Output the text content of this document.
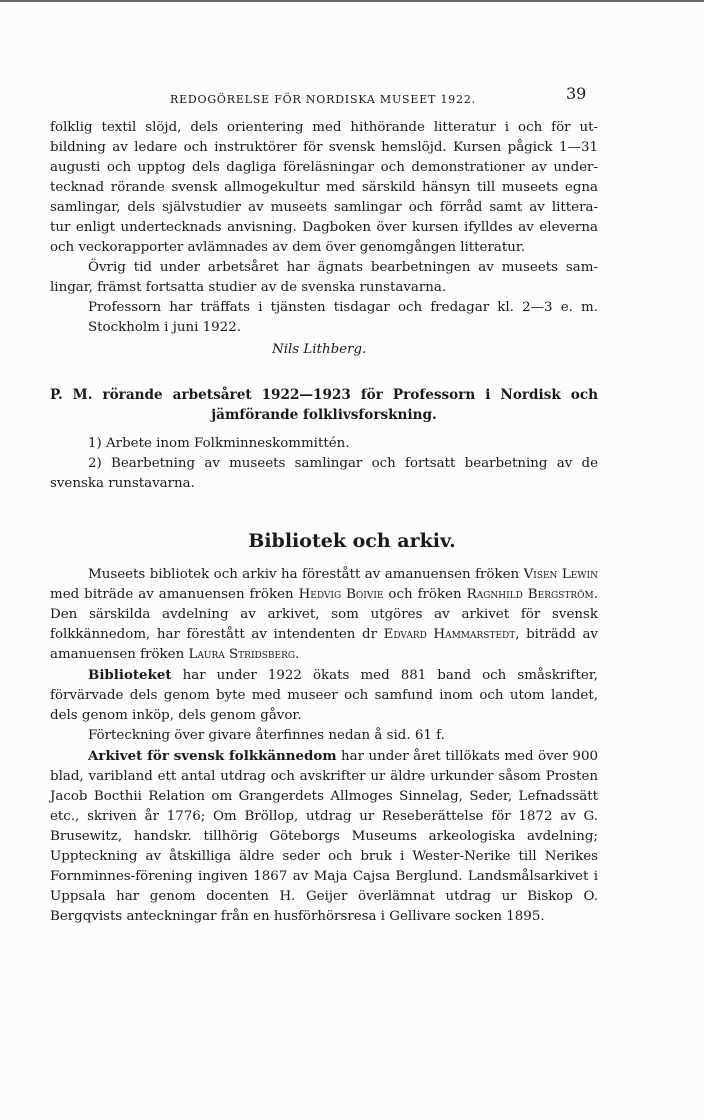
REDOGÖRELSE FÖR NORDISKA MUSEET 1922.	39

folklig textil slöjd, dels orientering med hithörande litteratur i och för ut-

bildning av ledare och instruktörer för svensk hemslöjd. Kursen pågick 1—31

augusti och upptog dels dagliga föreläsningar och demonstrationer av under-

tecknad rörande svensk allmogekultur med särskild hänsyn till museets egna

samlingar, dels självstudier av museets samlingar och förråd samt av littera-

tur enligt undertecknads anvisning. Dagboken över kursen ifylldes av eleverna

och veckorapporter avlämnades av dem över genomgången litteratur.

Övrig tid under arbetsåret har ägnats bearbetningen av museets sam-

lingar, främst fortsatta studier av de svenska runstavarna.

Professorn har träffats i tjänsten tisdagar och fredagar kl. 2—3 e. m.

Stockholm i juni 1922.

Nils Lithberg.
P. M. rörande arbetsåret 1922—1923 för Professorn i Nordisk och
jämförande folklivsforskning.

1) Arbete inom Folkminneskommittén.

2) Bearbetning av museets samlingar och fortsatt bearbetning av de

svenska runstavarna.

Bibliotek och arkiv.

Museets bibliotek och arkiv ha förestått av amanuensen fröken Visen Lewin med biträde av amanuensen fröken Hedvig Boivie och fröken Ragnhild Bergström. Den särskilda avdelning av arkivet, som utgöres av arkivet för svensk folkkännedom, har förestått av intendenten dr Edvard Hammarstedt, biträdd av amanuensen fröken Laura Stridsberg.

Biblioteket har under 1922 ökats med 881 band och småskrifter, förvärvade dels genom byte med museer och samfund inom och utom landet, dels genom inköp, dels genom gåvor.

Förteckning över givare återfinnes nedan å sid. 61 f.

Arkivet för svensk folkkännedom har under året tillökats med över 900 blad, varibland ett antal utdrag och avskrifter ur äldre urkunder såsom Prosten Jacob Bocthii Relation om Grangerdets Allmoges Sinnelag, Seder, Lefnadssätt etc., skriven år 1776; Om Bröllop, utdrag ur Reseberättelse för 1872 av G. Brusewitz, handskr. tillhörig Göteborgs Museums arkeologiska avdelning; Uppteckning av åtskilliga äldre seder och bruk i Wester-Nerike till Nerikes Fornminnes-förening ingiven 1867 av Maja Cajsa Berglund. Landsmålsarkivet i Uppsala har genom docenten H. Geijer överlämnat utdrag ur Biskop O. Bergqvists anteckningar från en husförhörsresa i Gellivare socken 1895.
